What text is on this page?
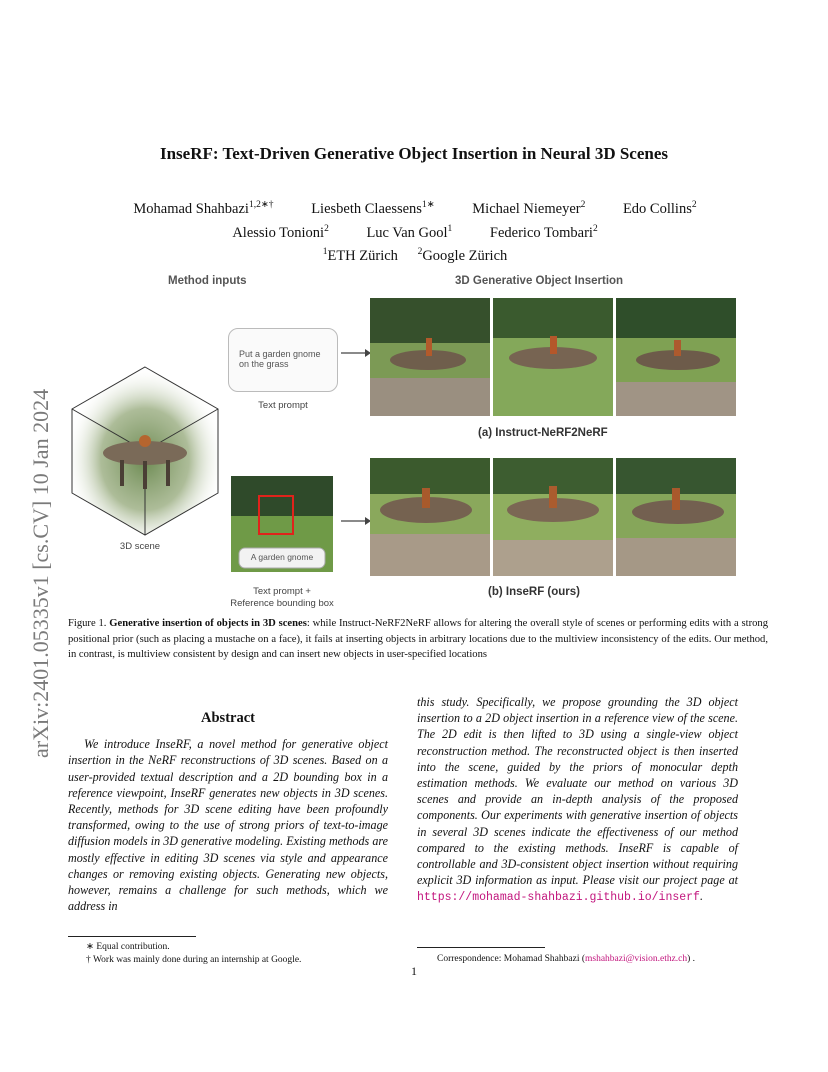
arXiv:2401.05335v1 [cs.CV] 10 Jan 2024
InseRF: Text-Driven Generative Object Insertion in Neural 3D Scenes
Mohamad Shahbazi$^{1,2∗\dagger}$	Liesbeth Claessens$^{1∗}$	Michael Niemeyer$^2$	Edo Collins$^2$
Alessio Tonioni$^2$	Luc Van Gool$^1$	Federico Tombari$^2$
$^1$ETH Zürich $^2$Google Zürich
Method inputs	3D Generative Object Insertion
3D scene
Put a garden gnome on the grass
Text prompt
A garden gnome
Text prompt +
Reference bounding box
(a) Instruct-NeRF2NeRF
(b) InseRF (ours)
Figure 1. Generative insertion of objects in 3D scenes: while Instruct-NeRF2NeRF allows for altering the overall style of scenes or performing edits with a strong positional prior (such as placing a mustache on a face), it fails at inserting objects in arbitrary locations due to the multiview inconsistency of the edits. Our method, in contrast, is multiview consistent by design and can insert new objects in user-specified locations
Abstract

We introduce InseRF, a novel method for generative object insertion in the NeRF reconstructions of 3D scenes. Based on a user-provided textual description and a 2D bounding box in a reference viewpoint, InseRF generates new objects in 3D scenes. Recently, methods for 3D scene editing have been profoundly transformed, owing to the use of strong priors of text-to-image diffusion models in 3D generative modeling. Existing methods are mostly effective in editing 3D scenes via style and appearance changes or removing existing objects. Generating new objects, however, remains a challenge for such methods, which we address in

this study. Specifically, we propose grounding the 3D object insertion to a 2D object insertion in a reference view of the scene. The 2D edit is then lifted to 3D using a single-view object reconstruction method. The reconstructed object is then inserted into the scene, guided by the priors of monocular depth estimation methods. We evaluate our method on various 3D scenes and provide an in-depth analysis of the proposed components. Our experiments with generative insertion of objects in several 3D scenes indicate the effectiveness of our method compared to the existing methods. InseRF is capable of controllable and 3D-consistent object insertion without requiring explicit 3D information as input. Please visit our project page at https://mohamad-shahbazi.github.io/inserf.
∗ Equal contribution.
† Work was mainly done during an internship at Google.	Correspondence: Mohamad Shahbazi (mshahbazi@vision.ethz.ch) .
1
